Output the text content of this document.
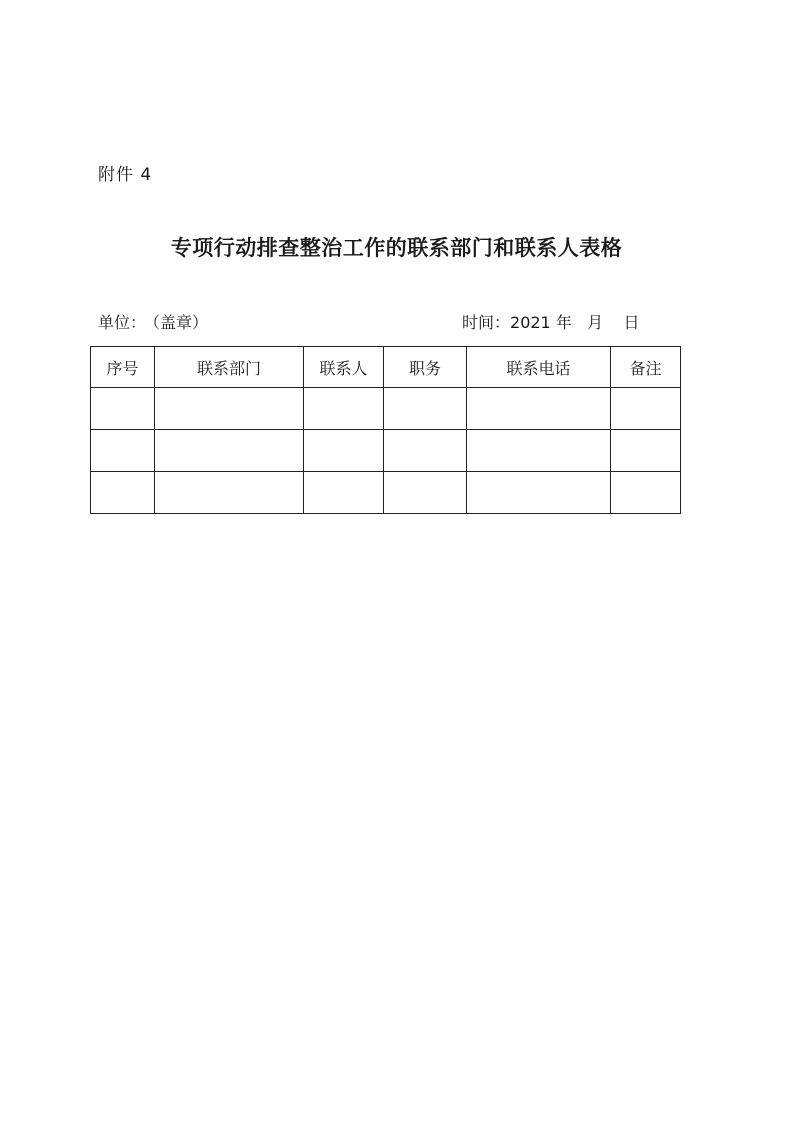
附件 4
专项行动排查整治工作的联系部门和联系人表格
单位： （盖章）	时间：2021 年 月 日
序号	联系部门	联系人	职务	联系电话	备注
